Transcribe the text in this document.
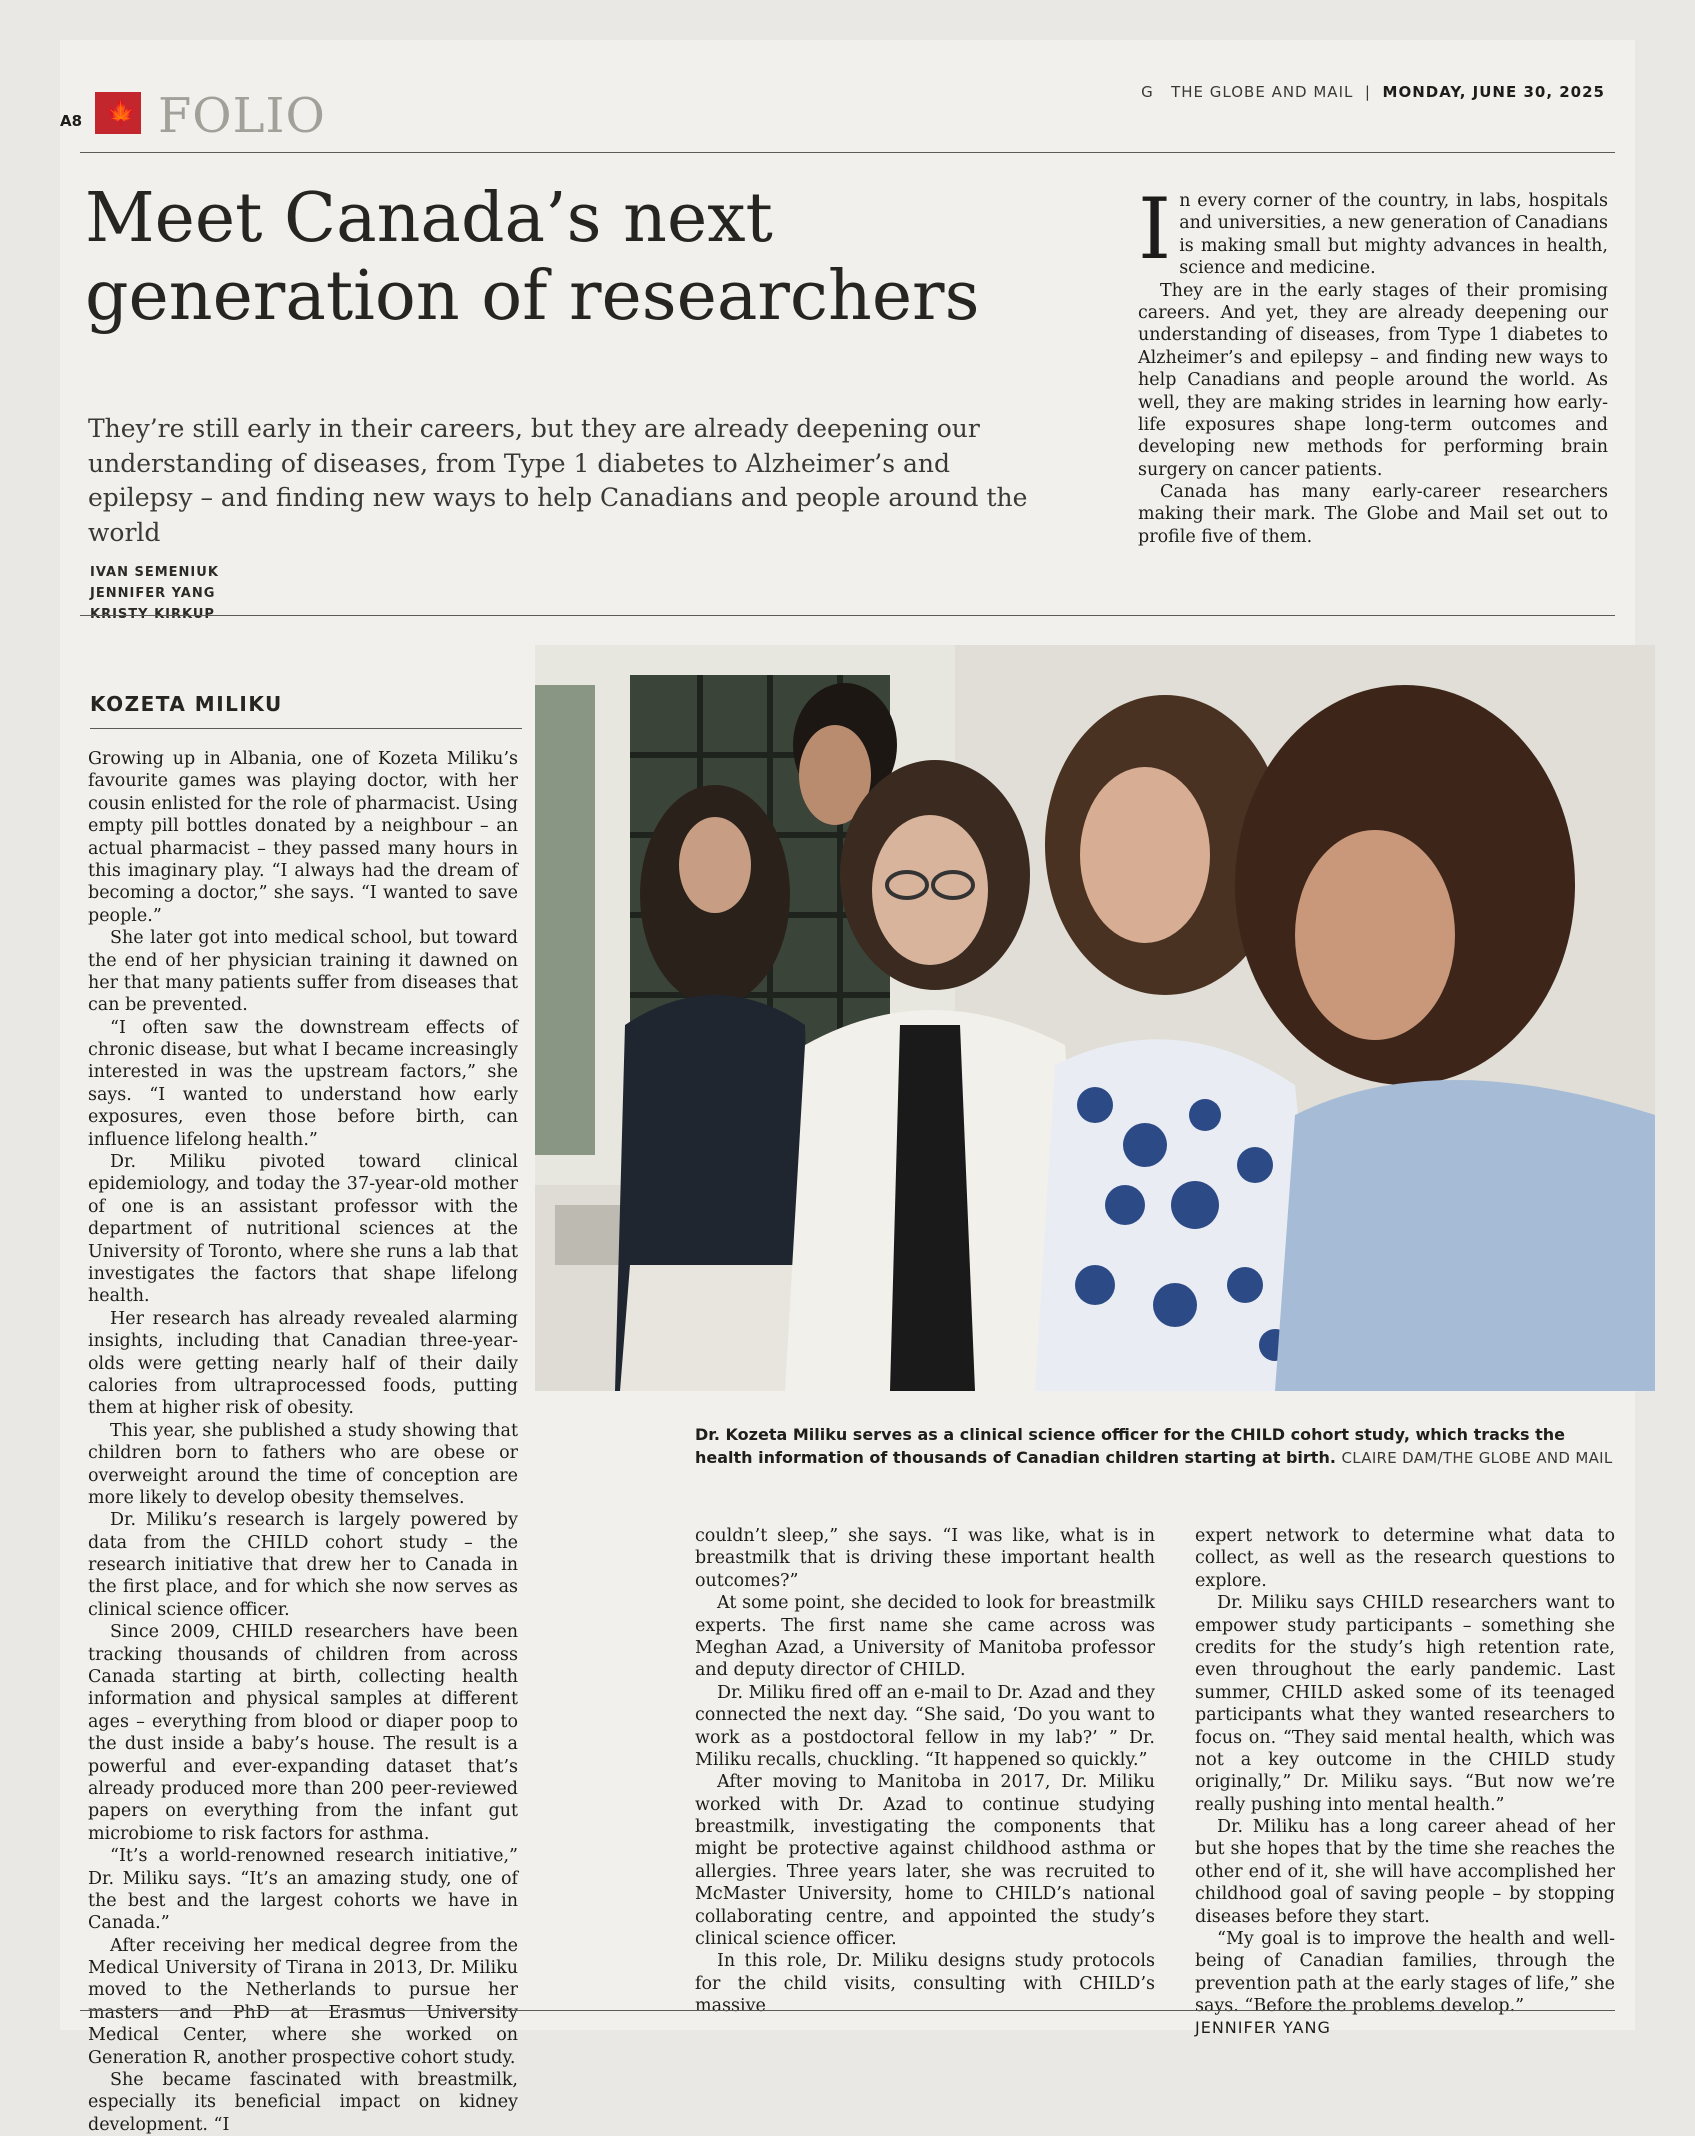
A8 🍁 FOLIO	G THE GLOBE AND MAIL | MONDAY, JUNE 30, 2025
Meet Canada’s next generation of researchers

They’re still early in their careers, but they are already deepening our understanding of diseases, from Type 1 diabetes to Alzheimer’s and epilepsy – and finding new ways to help Canadians and people around the world

IVAN SEMENIUK
JENNIFER YANG
KRISTY KIRKUP

In every corner of the country, in labs, hospitals and universities, a new generation of Canadians is making small but mighty advances in health, science and medicine.

They are in the early stages of their promising careers. And yet, they are already deepening our understanding of diseases, from Type 1 diabetes to Alzheimer’s and epilepsy – and finding new ways to help Canadians and people around the world. As well, they are making strides in learning how early-life exposures shape long-term outcomes and developing new methods for performing brain surgery on cancer patients.

Canada has many early-career researchers making their mark. The Globe and Mail set out to profile five of them.

KOZETA MILIKU

Growing up in Albania, one of Kozeta Miliku’s favourite games was playing doctor, with her cousin enlisted for the role of pharmacist. Using empty pill bottles donated by a neighbour – an actual pharmacist – they passed many hours in this imaginary play. “I always had the dream of becoming a doctor,” she says. “I wanted to save people.”

She later got into medical school, but toward the end of her physician training it dawned on her that many patients suffer from diseases that can be prevented.

“I often saw the downstream effects of chronic disease, but what I became increasingly interested in was the upstream factors,” she says. “I wanted to understand how early exposures, even those before birth, can influence lifelong health.”

Dr. Miliku pivoted toward clinical epidemiology, and today the 37-year-old mother of one is an assistant professor with the department of nutritional sciences at the University of Toronto, where she runs a lab that investigates the factors that shape lifelong health.

Her research has already revealed alarming insights, including that Canadian three-year-olds were getting nearly half of their daily calories from ultraprocessed foods, putting them at higher risk of obesity.

This year, she published a study showing that children born to fathers who are obese or overweight around the time of conception are more likely to develop obesity themselves.

Dr. Miliku’s research is largely powered by data from the CHILD cohort study – the research initiative that drew her to Canada in the first place, and for which she now serves as clinical science officer.

Since 2009, CHILD researchers have been tracking thousands of children from across Canada starting at birth, collecting health information and physical samples at different ages – everything from blood or diaper poop to the dust inside a baby’s house. The result is a powerful and ever-expanding dataset that’s already produced more than 200 peer-reviewed papers on everything from the infant gut microbiome to risk factors for asthma.

“It’s a world-renowned research initiative,” Dr. Miliku says. “It’s an amazing study, one of the best and the largest cohorts we have in Canada.”

After receiving her medical degree from the Medical University of Tirana in 2013, Dr. Miliku moved to the Netherlands to pursue her masters and PhD at Erasmus University Medical Center, where she worked on Generation R, another prospective cohort study.

She became fascinated with breastmilk, especially its beneficial impact on kidney development. “I

Dr. Kozeta Miliku serves as a clinical science officer for the CHILD cohort study, which tracks the health information of thousands of Canadian children starting at birth. CLAIRE DAM/THE GLOBE AND MAIL

couldn’t sleep,” she says. “I was like, what is in breastmilk that is driving these important health outcomes?”

At some point, she decided to look for breastmilk experts. The first name she came across was Meghan Azad, a University of Manitoba professor and deputy director of CHILD.

Dr. Miliku fired off an e-mail to Dr. Azad and they connected the next day. “She said, ‘Do you want to work as a postdoctoral fellow in my lab?’ ” Dr. Miliku recalls, chuckling. “It happened so quickly.”

After moving to Manitoba in 2017, Dr. Miliku worked with Dr. Azad to continue studying breastmilk, investigating the components that might be protective against childhood asthma or allergies. Three years later, she was recruited to McMaster University, home to CHILD’s national collaborating centre, and appointed the study’s clinical science officer.

In this role, Dr. Miliku designs study protocols for the child visits, consulting with CHILD’s massive

expert network to determine what data to collect, as well as the research questions to explore.

Dr. Miliku says CHILD researchers want to empower study participants – something she credits for the study’s high retention rate, even throughout the early pandemic. Last summer, CHILD asked some of its teenaged participants what they wanted researchers to focus on. “They said mental health, which was not a key outcome in the CHILD study originally,” Dr. Miliku says. “But now we’re really pushing into mental health.”

Dr. Miliku has a long career ahead of her but she hopes that by the time she reaches the other end of it, she will have accomplished her childhood goal of saving people – by stopping diseases before they start.

“My goal is to improve the health and well-being of Canadian families, through the prevention path at the early stages of life,” she says. “Before the problems develop.”

JENNIFER YANG
